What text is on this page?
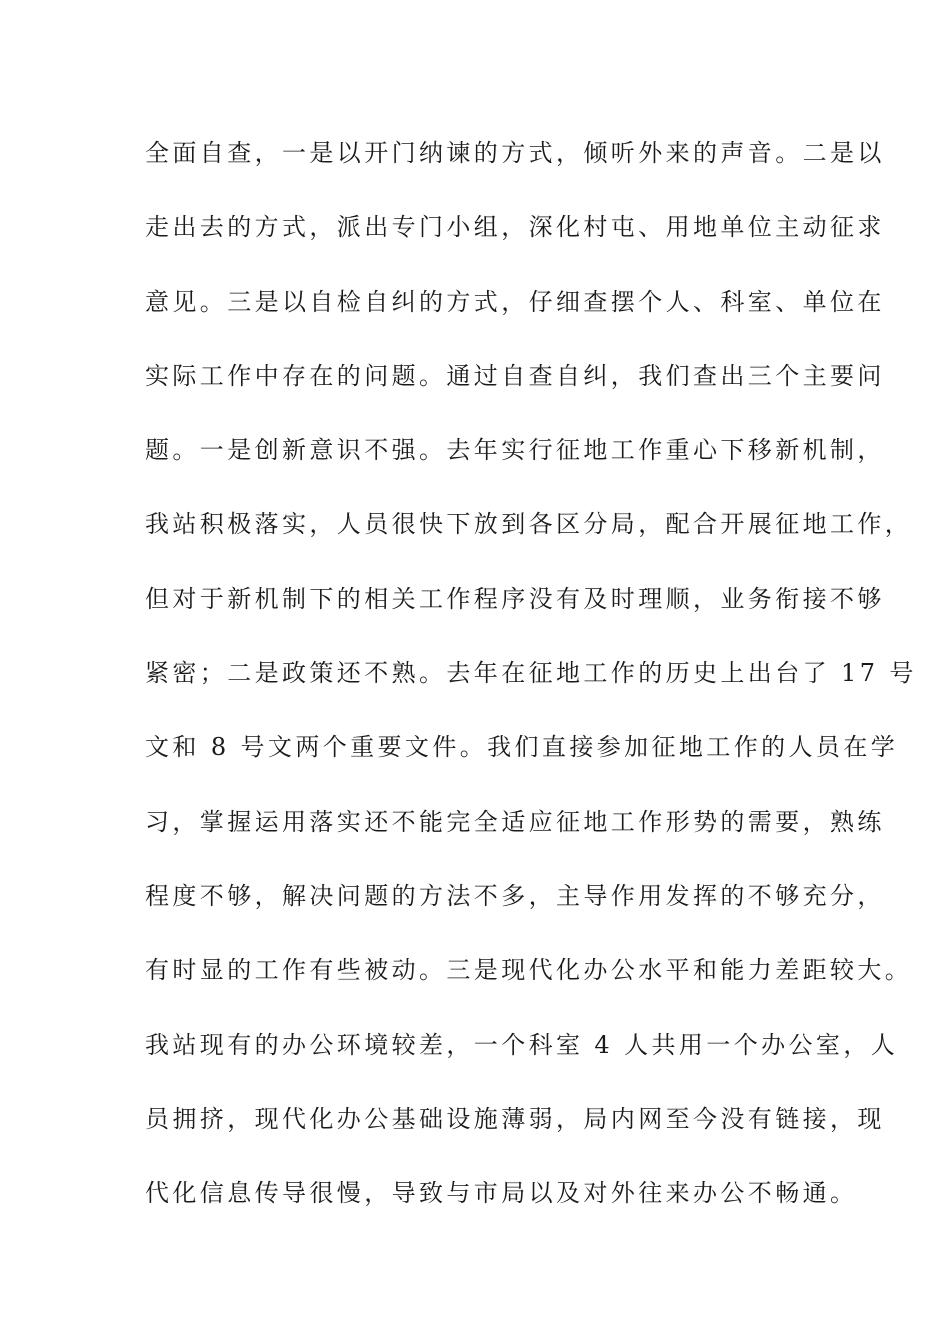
全面自查，一是以开门纳谏的方式，倾听外来的声音。二是以
走出去的方式，派出专门小组，深化村屯、用地单位主动征求
意见。三是以自检自纠的方式，仔细查摆个人、科室、单位在
实际工作中存在的问题。通过自查自纠，我们查出三个主要问
题。一是创新意识不强。去年实行征地工作重心下移新机制，
我站积极落实，人员很快下放到各区分局，配合开展征地工作，
但对于新机制下的相关工作程序没有及时理顺，业务衔接不够
紧密；二是政策还不熟。去年在征地工作的历史上出台了 17 号
文和 8 号文两个重要文件。我们直接参加征地工作的人员在学
习，掌握运用落实还不能完全适应征地工作形势的需要，熟练
程度不够，解决问题的方法不多，主导作用发挥的不够充分，
有时显的工作有些被动。三是现代化办公水平和能力差距较大。
我站现有的办公环境较差，一个科室 4 人共用一个办公室，人
员拥挤，现代化办公基础设施薄弱，局内网至今没有链接，现
代化信息传导很慢，导致与市局以及对外往来办公不畅通。
